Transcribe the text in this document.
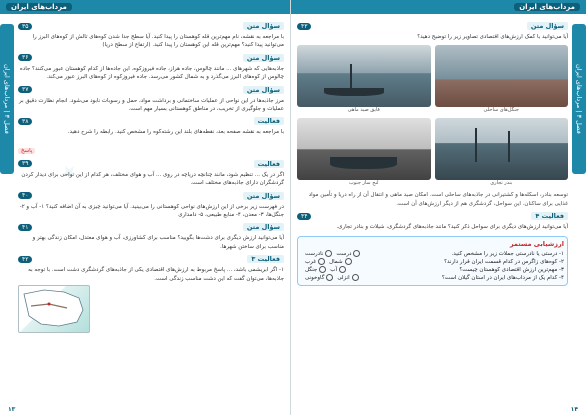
مرداب‌های ایران
فصل ۳ | مرداب‌های ایران
★
۳۵	سؤال متن
با مراجعه به نقشه، نام مهم‌ترین قله کوهستان را پیدا کنید. آیا سطح جدا شدن کوه‌های تالش از کوه‌های البرز را می‌توانید پیدا کنید؟ مهم‌ترین قله این کوهستان را پیدا کنید. (ارتفاع از سطح دریا)
۳۶	سؤال متن
جاذبه‌هایی که شهرهای ... مانند چالوس، جاده هراز، جاده فیروزکوه. این جاده‌ها از کدام کوهستان عبور می‌کنند؟ جاده چالوس از کوه‌های البرز می‌گذرد و به شمال کشور می‌رسد. جاده فیروزکوه از کوه‌های البرز عبور می‌کند.
۳۷	سؤال متن
مرز جاذبه‌ها در این نواحی از عملیات ساختمانی و برداشت مواد، حمل و رسوبات نابود می‌شود. انجام نظارت دقیق بر عملیات و جلوگیری از تخریب، در مناطق کوهستانی بسیار مهم است.
۳۸	فعالیت
با مراجعه به نقشه صفحه بعد، نقطه‌های بلند این رشته‌کوه را مشخص کنید. رابطه را شرح دهید.
پاسخ
۳۹	فعالیت
اگر در یک ... تنظیم شود، مانند چنانچه دریاچه در روی ... آب و هوای مختلف، هر کدام از این نواحی برای دیدار کردن گردشگران دارای جاذبه‌های مختلف است.
۴۰	سؤال متن
در فهرست زیر برخی از این ارزش‌های نواحی کوهستانی را می‌بینید. آیا می‌توانید چیزی به آن اضافه کنید؟ ۱- آب و ۲- جنگل‌ها، ۳- معدن، ۴- منابع طبیعی، ۵- دامداری
۴۱	سؤال متن
آیا می‌توانید ارزش دیگری برای دشت‌ها بگویید؟ مناسب برای کشاورزی، آب و هوای معتدل، امکان زندگی بهتر و مناسب برای ساختن شهرها.
۴۲	فعالیت ۳
۱- اگر ابریشمی باشد، ... پاسخ مربوط به ارزش‌های اقتصادی یکی از جاذبه‌های گردشگری دشت است. با توجه به جاذبه‌ها، می‌توان گفت که این دشت مناسب زندگی است.
۱۳
مرداب‌های ایران
فصل ۳ | مرداب‌های ایران
۴۳	سؤال متن
آیا می‌توانید با کمک ارزش‌های اقتصادی تصاویر زیر را توضیح دهید؟
قایق صید ماهی	جنگل‌های ساحلی
لنج ساز جنوب	بندر تجاری
توسعه بنادر، اسکله‌ها و کشتیرانی در جاذبه‌های ساحلی است. امکان صید ماهی و انتقال آن از راه دریا و تأمین مواد غذایی برای ساکنان. این سواحل، گردشگری هم از دیگر ارزش‌های آن است.
۴۴	فعالیت ۴
آیا می‌توانید ارزش‌های دیگری برای سواحل ذکر کنید؟ مانند جاذبه‌های گردشگری، شیلات و بنادر تجاری.
ارزشیابی مستمر
۱- درستی یا نادرستی جملات زیر را مشخص کنید.
درستنادرست
۲- کوه‌های زاگرس در کدام قسمت ایران قرار دارند؟
شمالغرب
۳- مهم‌ترین ارزش اقتصادی کوهستان چیست؟
آبجنگل
۴- کدام یک از مرداب‌های ایران در استان گیلان است؟
انزلیگاوخونی
۱۴
